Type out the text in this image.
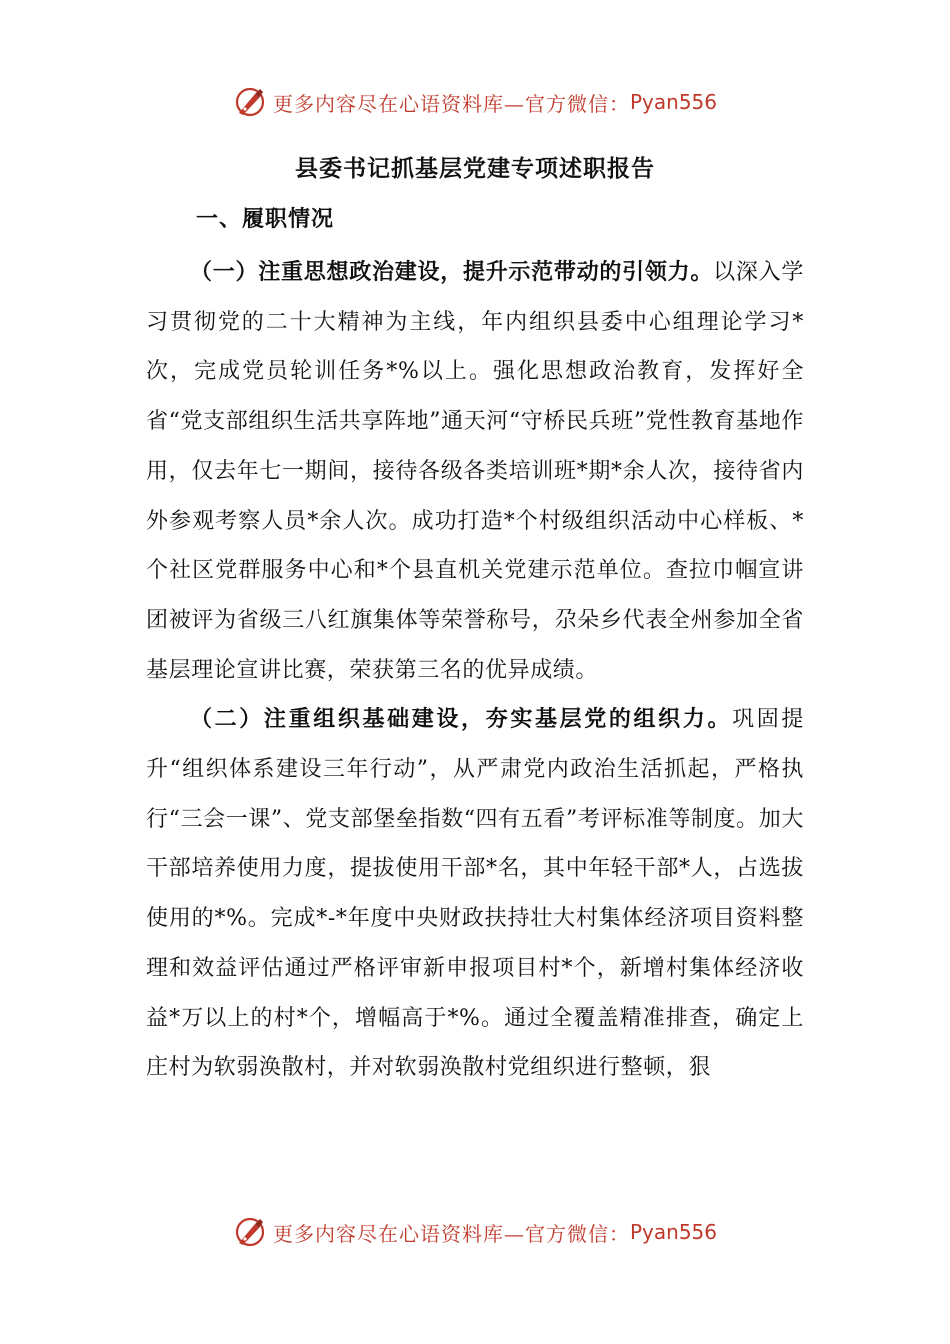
更多内容尽在心语资料库—官方微信： Pyan556
县委书记抓基层党建专项述职报告
一、履职情况

（一）注重思想政治建设，提升示范带动的引领力。以深入学习贯彻党的二十大精神为主线，年内组织县委中心组理论学习*次，完成党员轮训任务*%以上。强化思想政治教育，发挥好全省“党支部组织生活共享阵地”通天河“守桥民兵班”党性教育基地作用，仅去年七一期间，接待各级各类培训班*期*余人次，接待省内外参观考察人员*余人次。成功打造*个村级组织活动中心样板、*个社区党群服务中心和*个县直机关党建示范单位。查拉巾帼宣讲团被评为省级三八红旗集体等荣誉称号，尕朵乡代表全州参加全省基层理论宣讲比赛，荣获第三名的优异成绩。

（二）注重组织基础建设，夯实基层党的组织力。巩固提升“组织体系建设三年行动”，从严肃党内政治生活抓起，严格执行“三会一课”、党支部堡垒指数“四有五看”考评标准等制度。加大干部培养使用力度，提拔使用干部*名，其中年轻干部*人，占选拔使用的*%。完成*-*年度中央财政扶持壮大村集体经济项目资料整理和效益评估通过严格评审新申报项目村*个，新增村集体经济收益*万以上的村*个，增幅高于*%。通过全覆盖精准排查，确定上庄村为软弱涣散村，并对软弱涣散村党组织进行整顿，狠

更多内容尽在心语资料库—官方微信： Pyan556
